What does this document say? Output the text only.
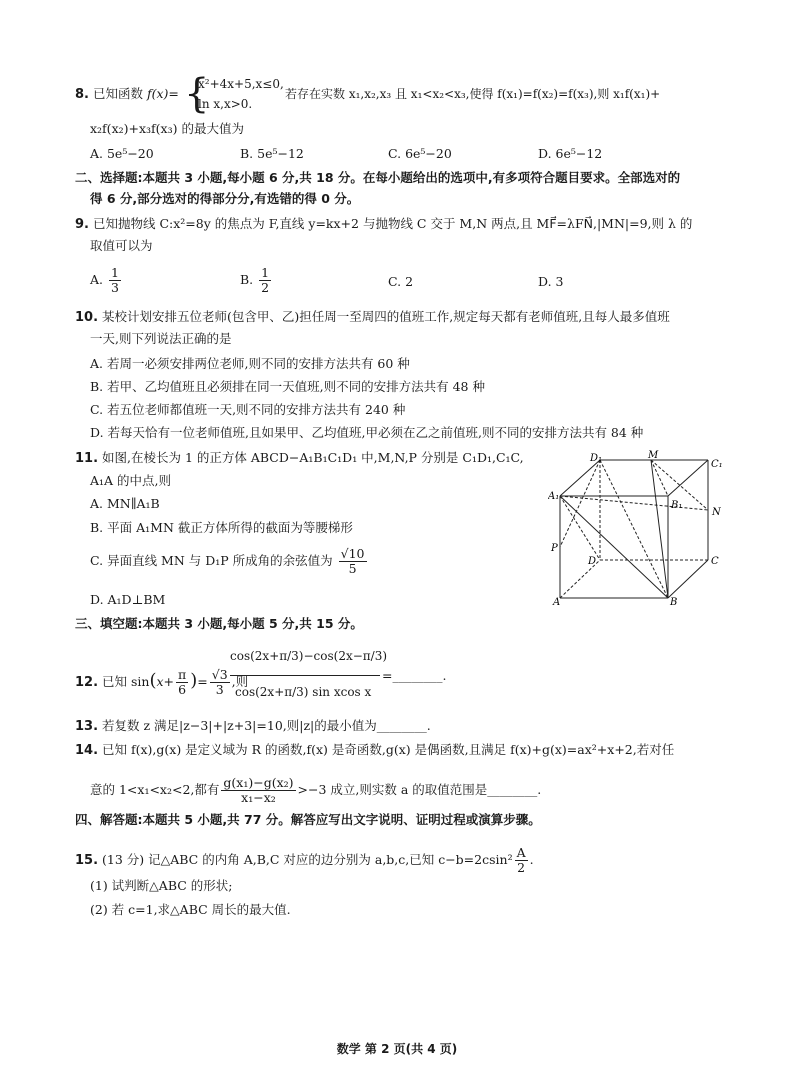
8. 已知函数 f(x)= {
x²+4x+5,x≤0,
ln x,x>0.
若存在实数 x₁,x₂,x₃ 且 x₁<x₂<x₃,使得 f(x₁)=f(x₂)=f(x₃),则 x₁f(x₁)+
x₂f(x₂)+x₃f(x₃) 的最大值为
A. 5e⁵−20	B. 5e⁵−12	C. 6e⁵−20	D. 6e⁵−12
二、选择题:本题共 3 小题,每小题 6 分,共 18 分。在每小题给出的选项中,有多项符合题目要求。全部选对的
得 6 分,部分选对的得部分分,有选错的得 0 分。
9. 已知抛物线 C:x²=8y 的焦点为 F,直线 y=kx+2 与抛物线 C 交于 M,N 两点,且 MF⃗=λFN⃗,|MN|=9,则 λ 的
取值可以为
A. $\frac{1}{3}$	B. $\frac{1}{2}$	C. 2	D. 3
10. 某校计划安排五位老师(包含甲、乙)担任周一至周四的值班工作,规定每天都有老师值班,且每人最多值班
一天,则下列说法正确的是
A. 若周一必须安排两位老师,则不同的安排方法共有 60 种
B. 若甲、乙均值班且必须排在同一天值班,则不同的安排方法共有 48 种
C. 若五位老师都值班一天,则不同的安排方法共有 240 种
D. 若每天恰有一位老师值班,且如果甲、乙均值班,甲必须在乙之前值班,则不同的安排方法共有 84 种
11. 如图,在棱长为 1 的正方体 ABCD−A₁B₁C₁D₁ 中,M,N,P 分别是 C₁D₁,C₁C,
A₁A 的中点,则
A. MN∥A₁B
B. 平面 A₁MN 截正方体所得的截面为等腰梯形
C. 异面直线 MN 与 D₁P 所成角的余弦值为 $\frac{√10}{5}$
D. A₁D⊥BM
D₁	M
C₁
A₁
B₁
N
P
D	C
A	B
三、填空题:本题共 3 小题,每小题 5 分,共 15 分。
12. 已知 $\sin(x+ \frac{\pi}{6}$ )= $\frac{√3}{3}$ ,则
cos(2x+π/3)−cos(2x−π/3)
cos(2x+π/3) sin xcos x
=________.
13. 若复数 z 满足|z−3|+|z+3|=10,则|z|的最小值为________.
14. 已知 f(x),g(x) 是定义域为 R 的函数,f(x) 是奇函数,g(x) 是偶函数,且满足 f(x)+g(x)=ax²+x+2,若对任
意的 1<x₁<x₂<2,都有 $\frac{\text{g(x₁)−g(x₂)}}{\text{x₁−x₂}} >-3$ 成立,则实数 a 的取值范围是________.
四、解答题:本题共 5 小题,共 77 分。解答应写出文字说明、证明过程或演算步骤。
15. (13 分) 记△ABC 的内角 A,B,C 对应的边分别为 a,b,c,已知 $c-b=2csin^2 \frac{A}{2}$ .
(1) 试判断△ABC 的形状;
(2) 若 c=1,求△ABC 周长的最大值.
数学 第 2 页(共 4 页)
